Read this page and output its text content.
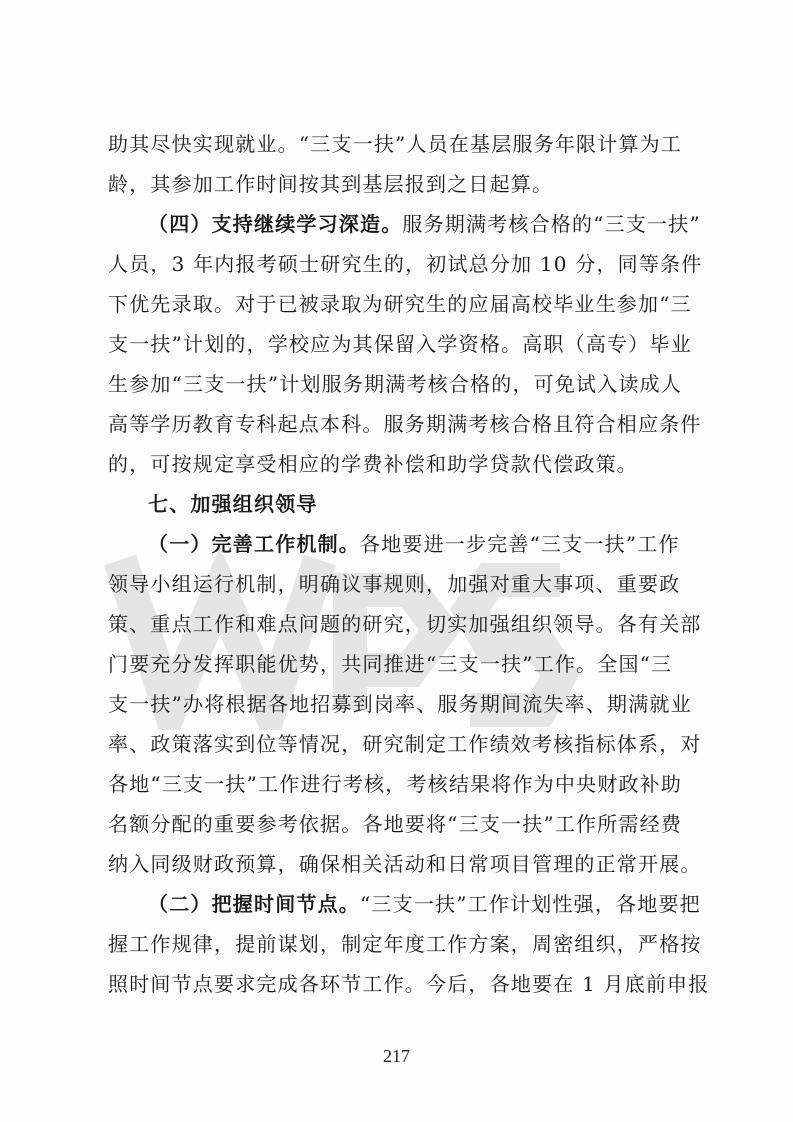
助其尽快实现就业。“三支一扶”人员在基层服务年限计算为工
龄，其参加工作时间按其到基层报到之日起算。
（四）支持继续学习深造。服务期满考核合格的“三支一扶”
人员，3 年内报考硕士研究生的，初试总分加 10 分，同等条件
下优先录取。对于已被录取为研究生的应届高校毕业生参加“三
支一扶”计划的，学校应为其保留入学资格。高职（高专）毕业
生参加“三支一扶”计划服务期满考核合格的，可免试入读成人
高等学历教育专科起点本科。服务期满考核合格且符合相应条件
的，可按规定享受相应的学费补偿和助学贷款代偿政策。
七、加强组织领导
（一）完善工作机制。各地要进一步完善“三支一扶”工作
领导小组运行机制，明确议事规则，加强对重大事项、重要政
策、重点工作和难点问题的研究，切实加强组织领导。各有关部
门要充分发挥职能优势，共同推进“三支一扶”工作。全国“三
支一扶”办将根据各地招募到岗率、服务期间流失率、期满就业
率、政策落实到位等情况，研究制定工作绩效考核指标体系，对
各地“三支一扶”工作进行考核，考核结果将作为中央财政补助
名额分配的重要参考依据。各地要将“三支一扶”工作所需经费
纳入同级财政预算，确保相关活动和日常项目管理的正常开展。
（二）把握时间节点。“三支一扶”工作计划性强，各地要把
握工作规律，提前谋划，制定年度工作方案，周密组织，严格按
照时间节点要求完成各环节工作。今后，各地要在 1 月底前申报
217
